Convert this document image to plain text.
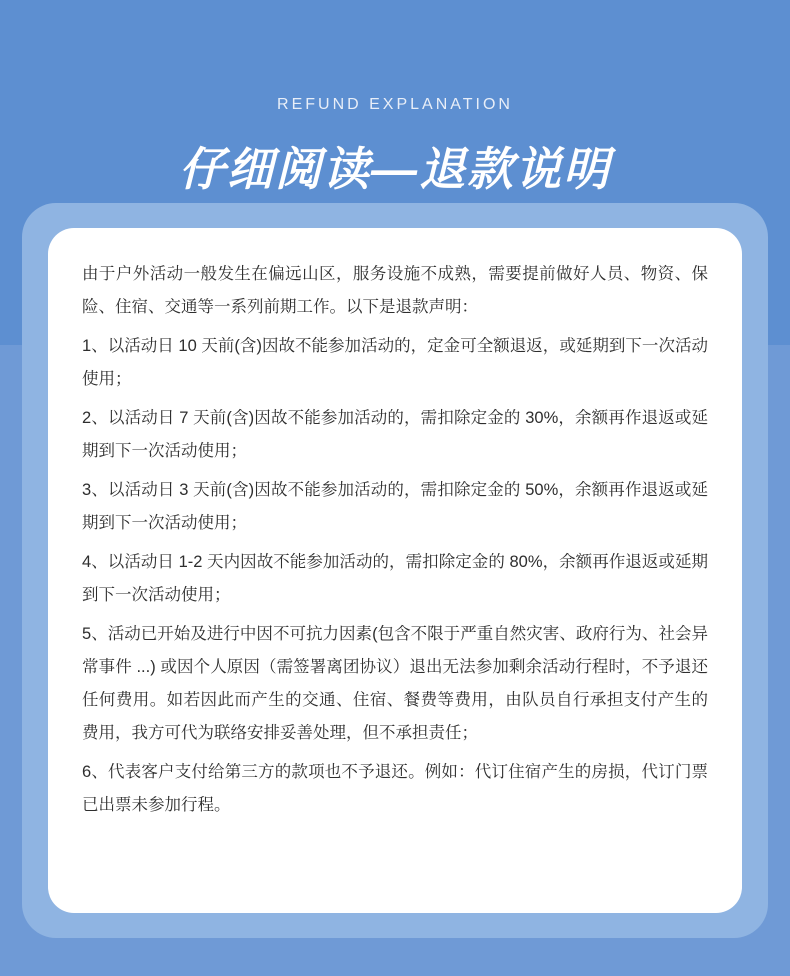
REFUND EXPLANATION
仔细阅读—退款说明

由于户外活动一般发生在偏远山区，服务设施不成熟，需要提前做好人员、物资、保险、住宿、交通等一系列前期工作。以下是退款声明：

1、以活动日 10 天前(含)因故不能参加活动的，定金可全额退返，或延期到下一次活动使用；

2、以活动日 7 天前(含)因故不能参加活动的，需扣除定金的 30%，余额再作退返或延期到下一次活动使用；

3、以活动日 3 天前(含)因故不能参加活动的，需扣除定金的 50%，余额再作退返或延期到下一次活动使用；

4、以活动日 1-2 天内因故不能参加活动的，需扣除定金的 80%，余额再作退返或延期到下一次活动使用；

5、活动已开始及进行中因不可抗力因素(包含不限于严重自然灾害、政府行为、社会异常事件 ...) 或因个人原因（需签署离团协议）退出无法参加剩余活动行程时，不予退还任何费用。如若因此而产生的交通、住宿、餐费等费用，由队员自行承担支付产生的费用，我方可代为联络安排妥善处理，但不承担责任；

6、代表客户支付给第三方的款项也不予退还。例如：代订住宿产生的房损，代订门票已出票未参加行程。
